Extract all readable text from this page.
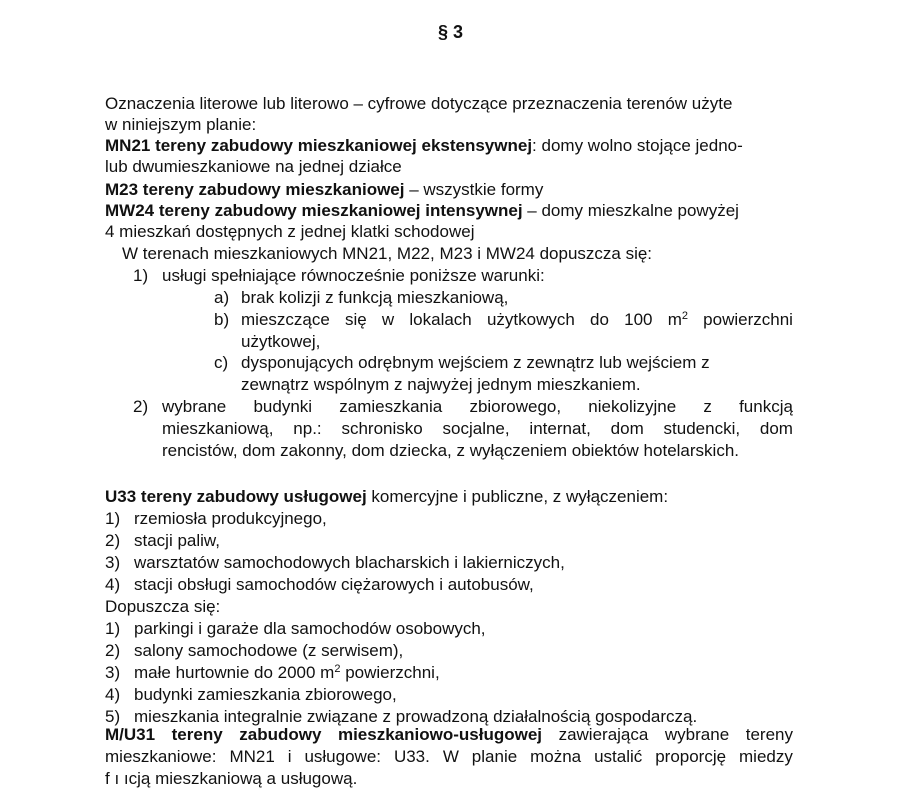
§ 3
Oznaczenia literowe lub literowo – cyfrowe dotyczące przeznaczenia terenów użyte
w niniejszym planie:
MN21 tereny zabudowy mieszkaniowej ekstensywnej: domy wolno stojące jedno-
lub dwumieszkaniowe na jednej działce
M23 tereny zabudowy mieszkaniowej – wszystkie formy
MW24 tereny zabudowy mieszkaniowej intensywnej – domy mieszkalne powyżej
4 mieszkań dostępnych z jednej klatki schodowej
W terenach mieszkaniowych MN21, M22, M23 i MW24 dopuszcza się:
1) usługi spełniające równocześnie poniższe warunki:
a) brak kolizji z funkcją mieszkaniową,
b) mieszczące się w lokalach użytkowych do 100 $m^2$ powierzchni
użytkowej,
c) dysponujących odrębnym wejściem z zewnątrz lub wejściem z
zewnątrz wspólnym z najwyżej jednym mieszkaniem.
2) wybrane budynki zamieszkania zbiorowego, niekolizyjne z funkcją
mieszkaniową, np.: schronisko socjalne, internat, dom studencki, dom
rencistów, dom zakonny, dom dziecka, z wyłączeniem obiektów hotelarskich.
U33 tereny zabudowy usługowej komercyjne i publiczne, z wyłączeniem:
1) rzemiosła produkcyjnego,
2) stacji paliw,
3) warsztatów samochodowych blacharskich i lakierniczych,
4) stacji obsługi samochodów ciężarowych i autobusów,
Dopuszcza się:
1) parkingi i garaże dla samochodów osobowych,
2) salony samochodowe (z serwisem),
3) małe hurtownie do 2000 $m^2$ powierzchni,
4) budynki zamieszkania zbiorowego,
5) mieszkania integralnie związane z prowadzoną działalnością gospodarczą.
M/U31 tereny zabudowy mieszkaniowo-usługowej zawierająca wybrane tereny
mieszkaniowe: MN21 i usługowe: U33. W planie można ustalić proporcję miedzy
f ı ıcją mieszkaniową a usługową.
